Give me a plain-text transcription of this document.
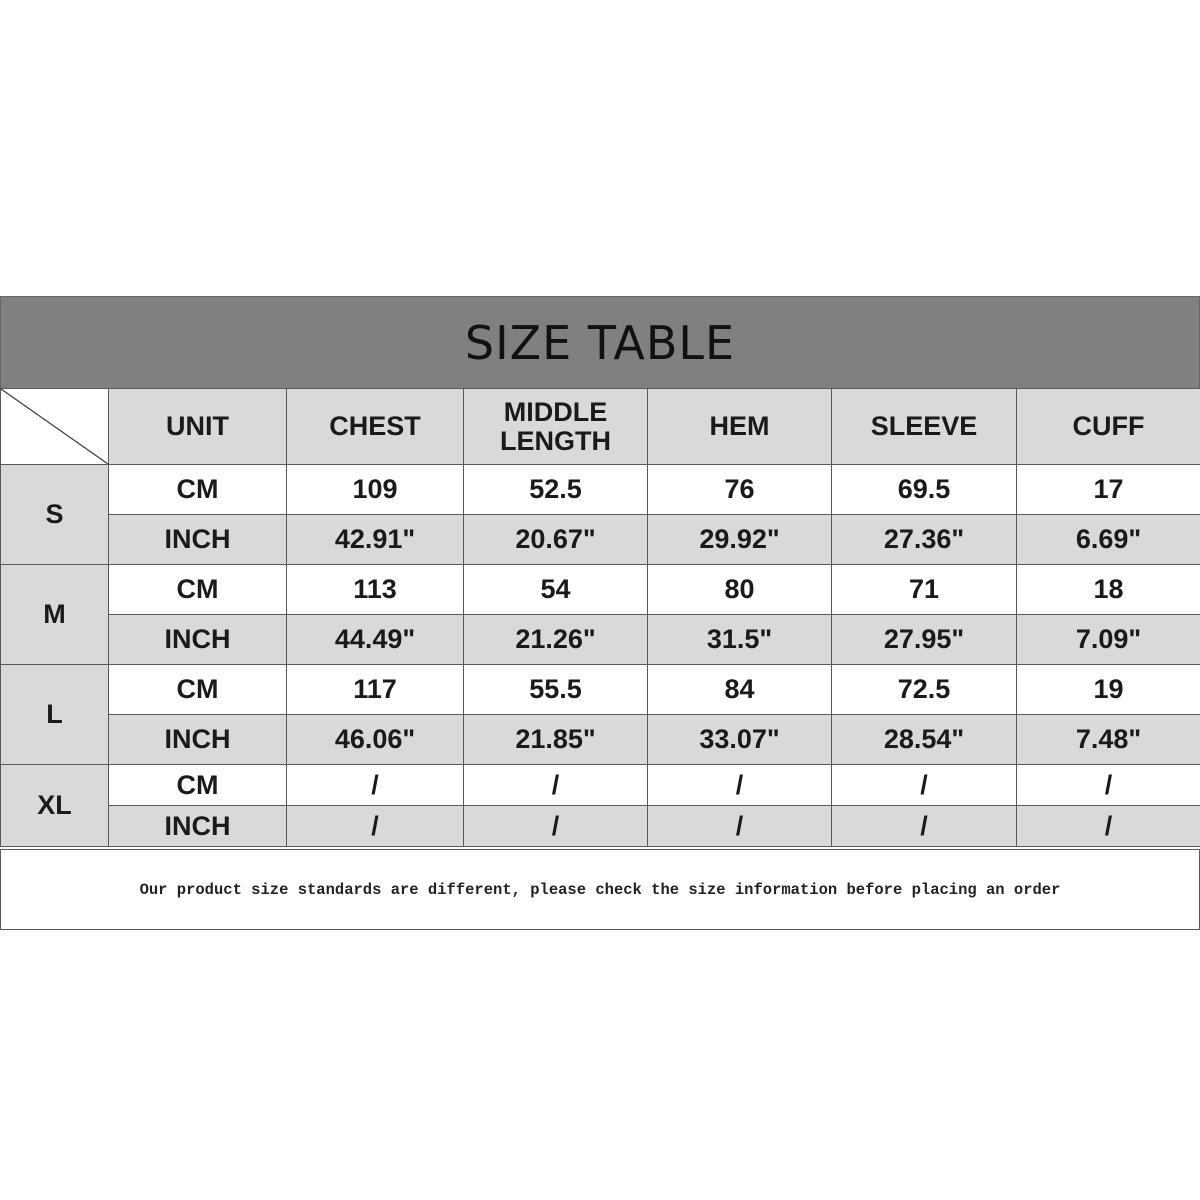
SIZE TABLE
	UNIT	CHEST	MIDDLE LENGTH	HEM	SLEEVE	CUFF
S	CM	109	52.5	76	69.5	17
	INCH	42.91"	20.67"	29.92"	27.36"	6.69"
M	CM	113	54	80	71	18
	INCH	44.49"	21.26"	31.5"	27.95"	7.09"
L	CM	117	55.5	84	72.5	19
	INCH	46.06"	21.85"	33.07"	28.54"	7.48"
XL	CM	/	/	/	/	/
	INCH	/	/	/	/	/
Our product size standards are different, please check the size information before placing an order
